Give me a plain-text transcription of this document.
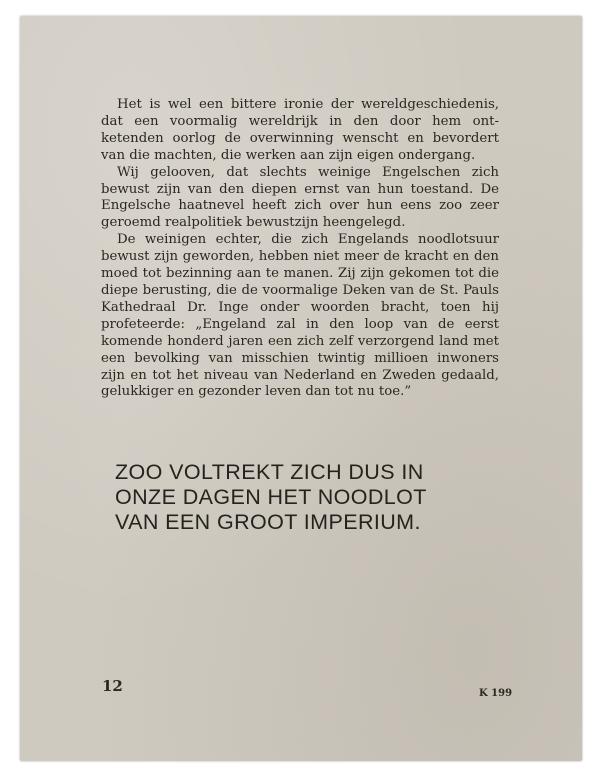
Het is wel een bittere ironie der wereldgeschiedenis, dat een voormalig wereldrijk in den door hem ontketenden oorlog de overwinning wenscht en bevordert van die machten, die werken aan zijn eigen ondergang.

Wij gelooven, dat slechts weinige Engelschen zich bewust zijn van den diepen ernst van hun toestand. De Engelsche haatnevel heeft zich over hun eens zoo zeer geroemd realpolitiek bewustzijn heengelegd.

De weinigen echter, die zich Engelands noodlotsuur bewust zijn geworden, hebben niet meer de kracht en den moed tot bezinning aan te manen. Zij zijn gekomen tot die diepe berusting, die de voormalige Deken van de St. Pauls Kathedraal Dr. Inge onder woorden bracht, toen hij profeteerde: „Engeland zal in den loop van de eerst komende honderd jaren een zich zelf verzorgend land met een bevolking van misschien twintig millioen inwoners zijn en tot het niveau van Nederland en Zweden gedaald, gelukkiger en gezonder leven dan tot nu toe.”

ZOO VOLTREKT ZICH DUS IN
ONZE DAGEN HET NOODLOT
VAN EEN GROOT IMPERIUM.
12	K 199
